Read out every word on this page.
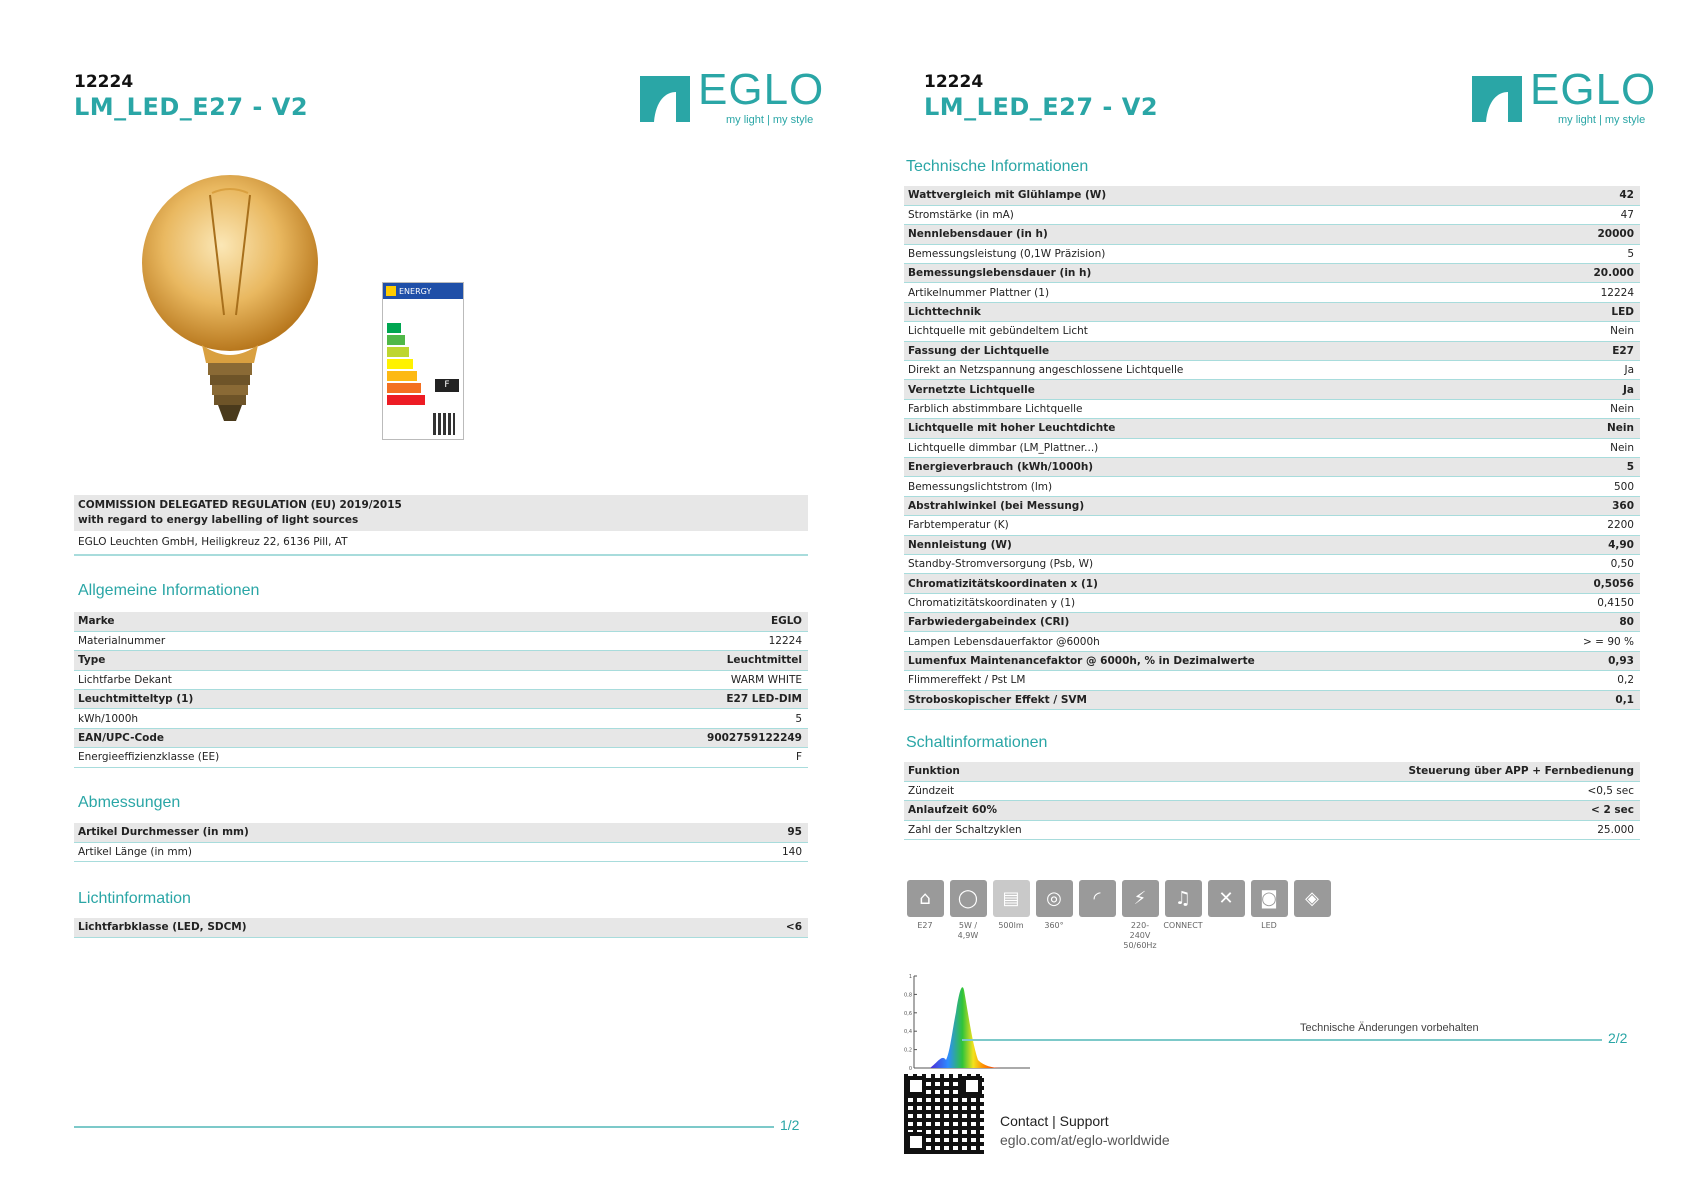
12224
LM_LED_E27 - V2	EGLO
my light | my style
ENERGY
F
COMMISSION DELEGATED REGULATION (EU) 2019/2015
with regard to energy labelling of light sources
EGLO Leuchten GmbH, Heiligkreuz 22, 6136 Pill, AT
Allgemeine Informationen
Marke	EGLO
Materialnummer	12224
Type	Leuchtmittel
Lichtfarbe Dekant	WARM WHITE
Leuchtmitteltyp (1)	E27 LED-DIM
kWh/1000h	5
EAN/UPC-Code	9002759122249
Energieeffizienzklasse (EE)	F
Abmessungen
Artikel Durchmesser (in mm)	95
Artikel Länge (in mm)	140
Lichtinformation
Lichtfarbklasse (LED, SDCM)	<6
1/2
12224
LM_LED_E27 - V2	EGLO
my light | my style
Technische Informationen
Wattvergleich mit Glühlampe (W)	42
Stromstärke (in mA)	47
Nennlebensdauer (in h)	20000
Bemessungsleistung (0,1W Präzision)	5
Bemessungslebensdauer (in h)	20.000
Artikelnummer Plattner (1)	12224
Lichttechnik	LED
Lichtquelle mit gebündeltem Licht	Nein
Fassung der Lichtquelle	E27
Direkt an Netzspannung angeschlossene Lichtquelle	Ja
Vernetzte Lichtquelle	Ja
Farblich abstimmbare Lichtquelle	Nein
Lichtquelle mit hoher Leuchtdichte	Nein
Lichtquelle dimmbar (LM_Plattner...)	Nein
Energieverbrauch (kWh/1000h)	5
Bemessungslichtstrom (lm)	500
Abstrahlwinkel (bei Messung)	360
Farbtemperatur (K)	2200
Nennleistung (W)	4,90
Standby-Stromversorgung (Psb, W)	0,50
Chromatizitätskoordinaten x (1)	0,5056
Chromatizitätskoordinaten y (1)	0,4150
Farbwiedergabeindex (CRI)	80
Lampen Lebensdauerfaktor @6000h	> = 90 %
Lumenfux Maintenancefaktor @ 6000h, % in Dezimalwerte	0,93
Flimmereffekt / Pst LM	0,2
Stroboskopischer Effekt / SVM	0,1
Schaltinformationen
Funktion	Steuerung über APP + Fernbedienung
Zündzeit	<0,5 sec
Anlaufzeit 60%	< 2 sec
Zahl der Schaltzyklen	25.000
1
0,8
0,6
0,4
0,2
0
Contact | Support
eglo.com/at/eglo-worldwide
⌂
E27
◯
5W / 4,9W
▤
500lm
◎
360°
◜	⚡
220-240V 50/60Hz
♫
CONNECT
✕	◙
LED
◈
Technische Änderungen vorbehalten
2/2
